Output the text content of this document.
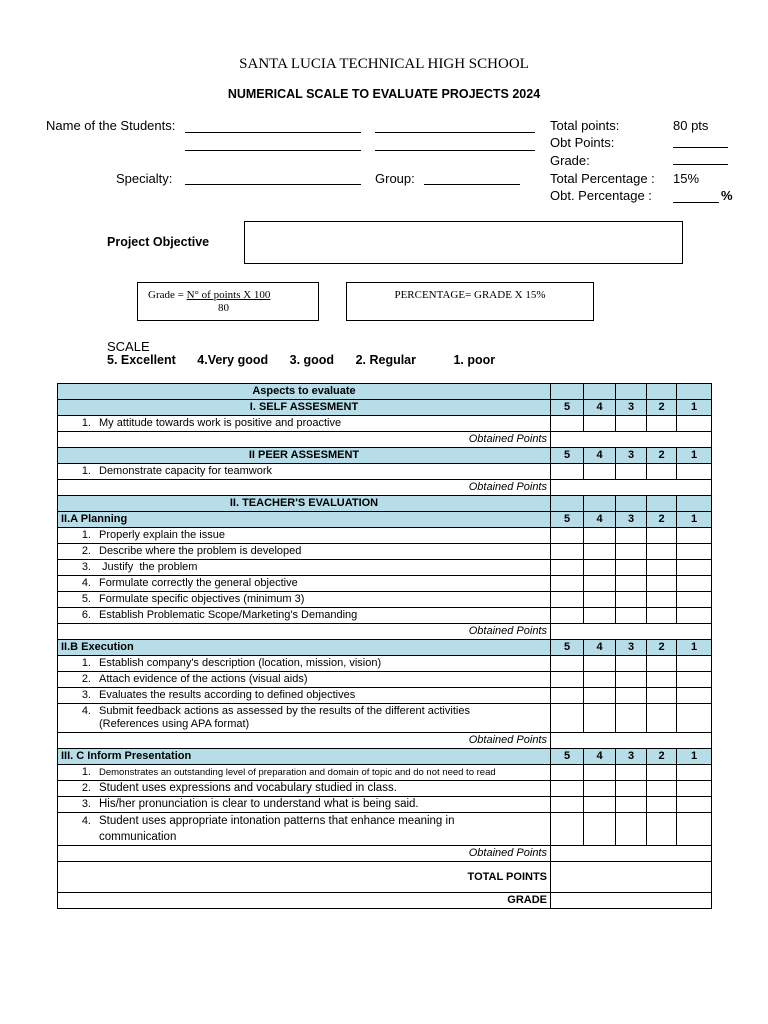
SANTA LUCIA TECHNICAL HIGH SCHOOL
NUMERICAL SCALE TO EVALUATE PROJECTS 2024
Name of the Students:
Specialty:	Group:
Total points:	80 pts
Obt Points:
Grade:
Total Percentage : 15%
Obt. Percentage :	%
Project Objective
Grade = N° of points X 100
80
PERCENTAGE= GRADE X 15%
SCALE
5. Excellent 4.Very good 3. good 2. Regular	1. poor
Aspects to evaluate					
I. SELF ASSESMENT	5	4	3	2	1
1. My attitude towards work is positive and proactive					
Obtained Points					
II PEER ASSESMENT	5	4	3	2	1
1. Demonstrate capacity for teamwork					
Obtained Points					
II. TEACHER'S EVALUATION					
II.A Planning	5	4	3	2	1
1. Properly explain the issue					
2. Describe where the problem is developed					
3. Justify  the problem					
4. Formulate correctly the general objective					
5. Formulate specific objectives (minimum 3)					
6. Establish Problematic Scope/Marketing's Demanding					
Obtained Points					
II.B Execution	5	4	3	2	1
1. Establish company's description (location, mission, vision)					
2. Attach evidence of the actions (visual aids)					
3. Evaluates the results according to defined objectives					

4. Submit feedback actions as assessed by the results of the different activities
(References using APA format)					

Obtained Points					
III. C Inform Presentation	5	4	3	2	1
1. Demonstrates an outstanding level of preparation and domain of topic and do not need to read					
2. Student uses expressions and vocabulary studied in class.					
3. His/her pronunciation is clear to understand what is being said.					

4. Student uses appropriate intonation patterns that enhance meaning in
communication					

Obtained Points					
TOTAL POINTS					
GRADE					
